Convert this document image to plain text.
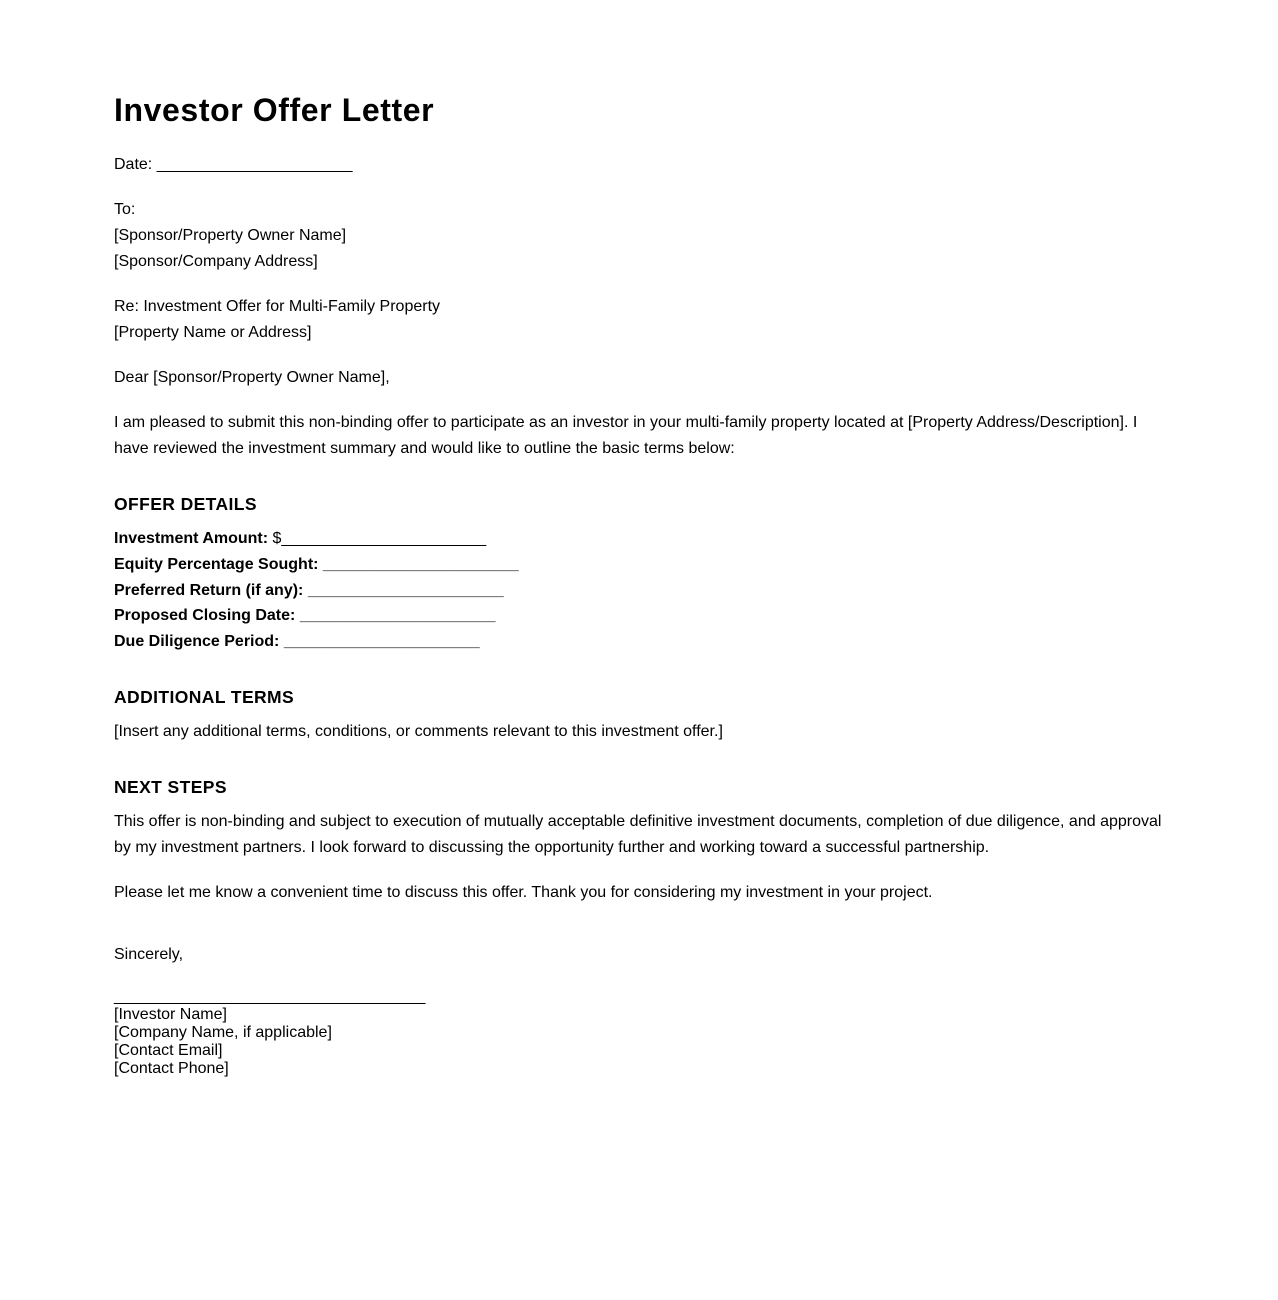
Investor Offer Letter

Date: ______________________

To:
[Sponsor/Property Owner Name]
[Sponsor/Company Address]
Re: Investment Offer for Multi-Family Property
[Property Name or Address]

Dear [Sponsor/Property Owner Name],

I am pleased to submit this non-binding offer to participate as an investor in your multi-family property located at [Property Address/Description]. I have reviewed the investment summary and would like to outline the basic terms below:

OFFER DETAILS
Investment Amount: $_______________________
Equity Percentage Sought: ______________________
Preferred Return (if any): ______________________
Proposed Closing Date: ______________________
Due Diligence Period: ______________________
ADDITIONAL TERMS

[Insert any additional terms, conditions, or comments relevant to this investment offer.]

NEXT STEPS

This offer is non-binding and subject to execution of mutually acceptable definitive investment documents, completion of due diligence, and approval by my investment partners. I look forward to discussing the opportunity further and working toward a successful partnership.

Please let me know a convenient time to discuss this offer. Thank you for considering my investment in your project.

Sincerely,

___________________________________
[Investor Name]
[Company Name, if applicable]
[Contact Email]
[Contact Phone]
